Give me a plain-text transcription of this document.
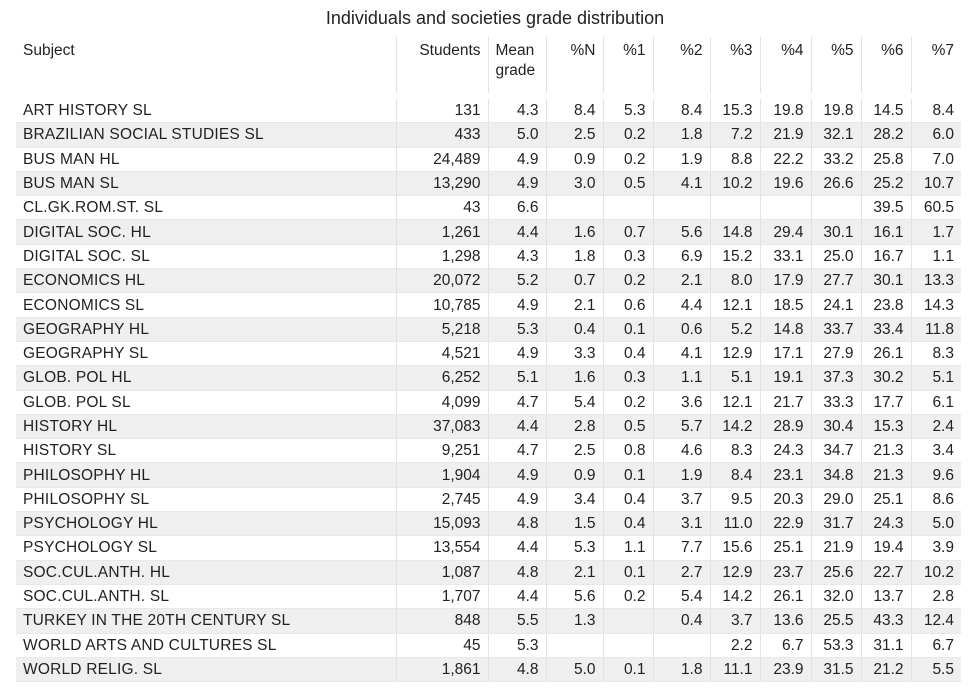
Individuals and societies grade distribution
Subject	Students	Mean grade	%N	%1	%2	%3	%4	%5	%6	%7
ART HISTORY SL	131	4.3	8.4	5.3	8.4	15.3	19.8	19.8	14.5	8.4
BRAZILIAN SOCIAL STUDIES SL	433	5.0	2.5	0.2	1.8	7.2	21.9	32.1	28.2	6.0
BUS MAN HL	24,489	4.9	0.9	0.2	1.9	8.8	22.2	33.2	25.8	7.0
BUS MAN SL	13,290	4.9	3.0	0.5	4.1	10.2	19.6	26.6	25.2	10.7
CL.GK.ROM.ST. SL	43	6.6							39.5	60.5
DIGITAL SOC. HL	1,261	4.4	1.6	0.7	5.6	14.8	29.4	30.1	16.1	1.7
DIGITAL SOC. SL	1,298	4.3	1.8	0.3	6.9	15.2	33.1	25.0	16.7	1.1
ECONOMICS HL	20,072	5.2	0.7	0.2	2.1	8.0	17.9	27.7	30.1	13.3
ECONOMICS SL	10,785	4.9	2.1	0.6	4.4	12.1	18.5	24.1	23.8	14.3
GEOGRAPHY HL	5,218	5.3	0.4	0.1	0.6	5.2	14.8	33.7	33.4	11.8
GEOGRAPHY SL	4,521	4.9	3.3	0.4	4.1	12.9	17.1	27.9	26.1	8.3
GLOB. POL HL	6,252	5.1	1.6	0.3	1.1	5.1	19.1	37.3	30.2	5.1
GLOB. POL SL	4,099	4.7	5.4	0.2	3.6	12.1	21.7	33.3	17.7	6.1
HISTORY HL	37,083	4.4	2.8	0.5	5.7	14.2	28.9	30.4	15.3	2.4
HISTORY SL	9,251	4.7	2.5	0.8	4.6	8.3	24.3	34.7	21.3	3.4
PHILOSOPHY HL	1,904	4.9	0.9	0.1	1.9	8.4	23.1	34.8	21.3	9.6
PHILOSOPHY SL	2,745	4.9	3.4	0.4	3.7	9.5	20.3	29.0	25.1	8.6
PSYCHOLOGY HL	15,093	4.8	1.5	0.4	3.1	11.0	22.9	31.7	24.3	5.0
PSYCHOLOGY SL	13,554	4.4	5.3	1.1	7.7	15.6	25.1	21.9	19.4	3.9
SOC.CUL.ANTH. HL	1,087	4.8	2.1	0.1	2.7	12.9	23.7	25.6	22.7	10.2
SOC.CUL.ANTH. SL	1,707	4.4	5.6	0.2	5.4	14.2	26.1	32.0	13.7	2.8
TURKEY IN THE 20TH CENTURY SL	848	5.5	1.3		0.4	3.7	13.6	25.5	43.3	12.4
WORLD ARTS AND CULTURES SL	45	5.3				2.2	6.7	53.3	31.1	6.7
WORLD RELIG. SL	1,861	4.8	5.0	0.1	1.8	11.1	23.9	31.5	21.2	5.5
